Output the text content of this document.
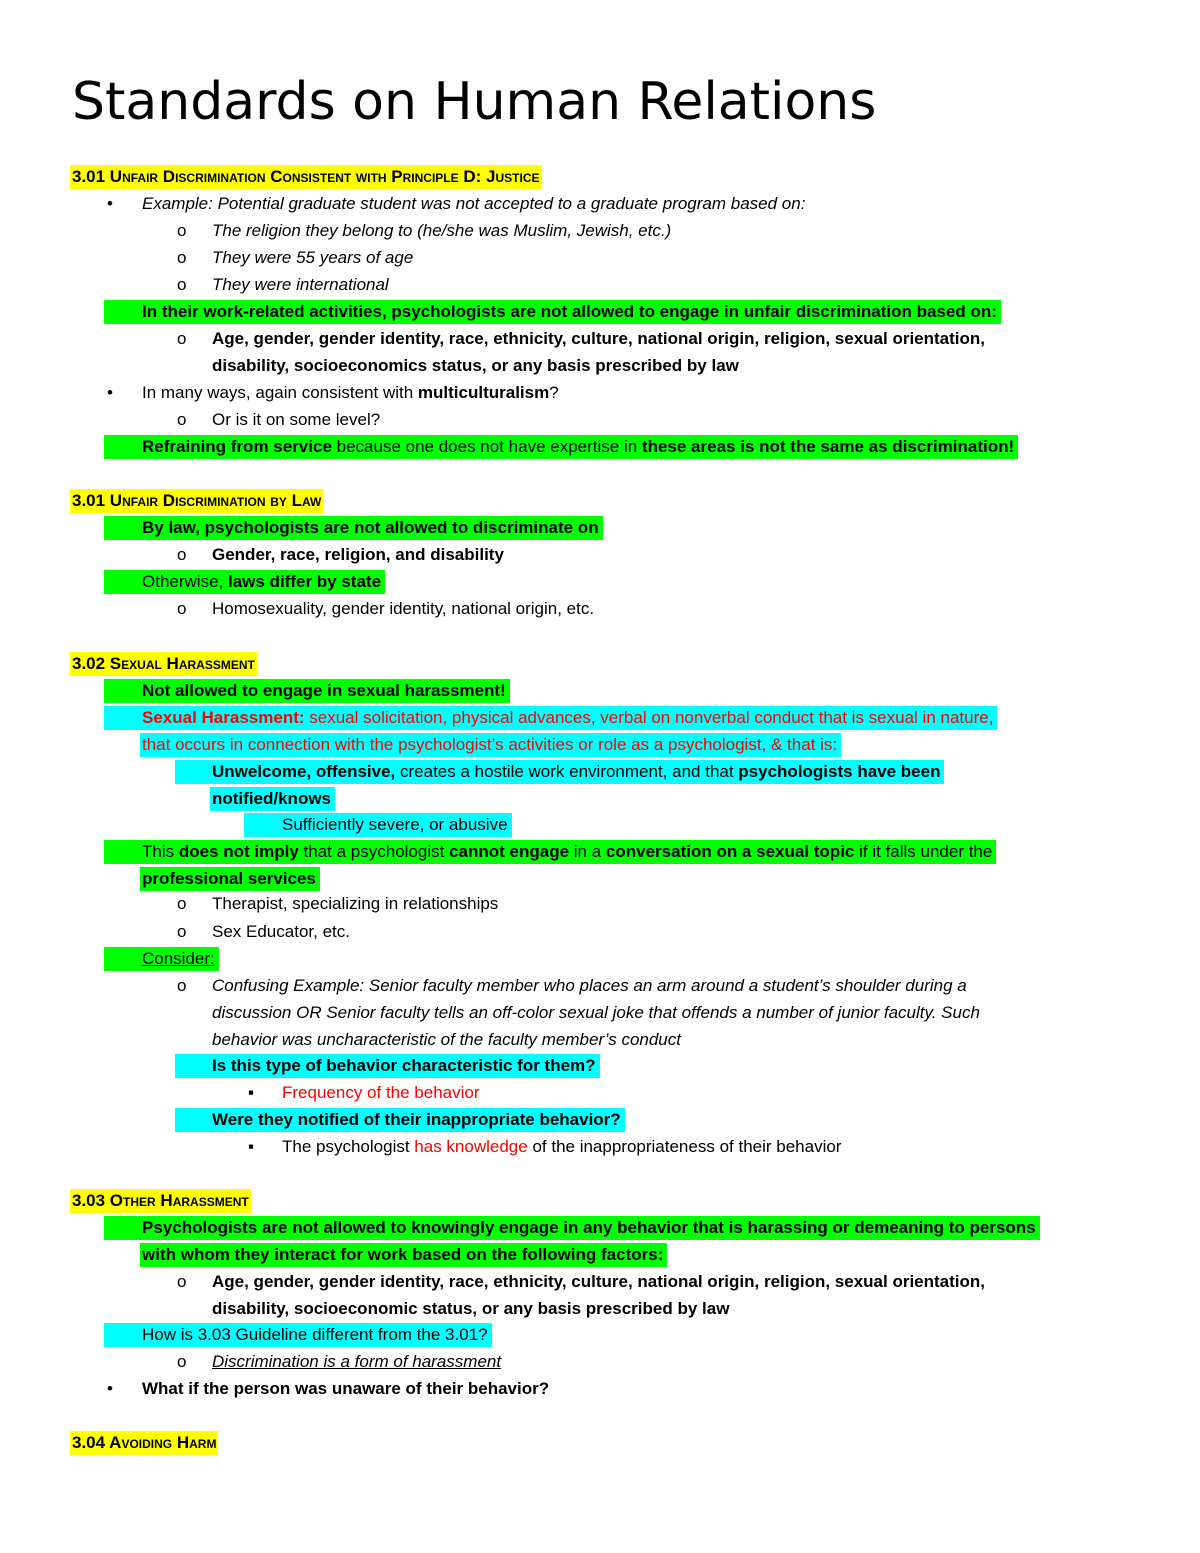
Standards on Human Relations
3.01 Unfair Discrimination Consistent with Principle D: Justice
• Example: Potential graduate student was not accepted to a graduate program based on:
o The religion they belong to (he/she was Muslim, Jewish, etc.)
o They were 55 years of age
o They were international
In their work-related activities, psychologists are not allowed to engage in unfair discrimination based on:
o Age, gender, gender identity, race, ethnicity, culture, national origin, religion, sexual orientation,
disability, socioeconomics status, or any basis prescribed by law
• In many ways, again consistent with multiculturalism?
o Or is it on some level?
Refraining from service because one does not have expertise in these areas is not the same as discrimination!
3.01 Unfair Discrimination by Law
By law, psychologists are not allowed to discriminate on
o Gender, race, religion, and disability
Otherwise, laws differ by state
o Homosexuality, gender identity, national origin, etc.
3.02 Sexual Harassment
Not allowed to engage in sexual harassment!
Sexual Harassment: sexual solicitation, physical advances, verbal on nonverbal conduct that is sexual in nature,
that occurs in connection with the psychologist’s activities or role as a psychologist, & that is:
Unwelcome, offensive, creates a hostile work environment, and that psychologists have been
notified/knows
Sufficiently severe, or abusive
This does not imply that a psychologist cannot engage in a conversation on a sexual topic if it falls under the
professional services
o Therapist, specializing in relationships
o Sex Educator, etc.
Consider:
o Confusing Example: Senior faculty member who places an arm around a student’s shoulder during a
discussion OR Senior faculty tells an off-color sexual joke that offends a number of junior faculty. Such
behavior was uncharacteristic of the faculty member’s conduct
Is this type of behavior characteristic for them?
▪ Frequency of the behavior
Were they notified of their inappropriate behavior?
▪ The psychologist has knowledge of the inappropriateness of their behavior
3.03 Other Harassment
Psychologists are not allowed to knowingly engage in any behavior that is harassing or demeaning to persons
with whom they interact for work based on the following factors:
o Age, gender, gender identity, race, ethnicity, culture, national origin, religion, sexual orientation,
disability, socioeconomic status, or any basis prescribed by law
How is 3.03 Guideline different from the 3.01?
o Discrimination is a form of harassment
• What if the person was unaware of their behavior?
3.04 Avoiding Harm
